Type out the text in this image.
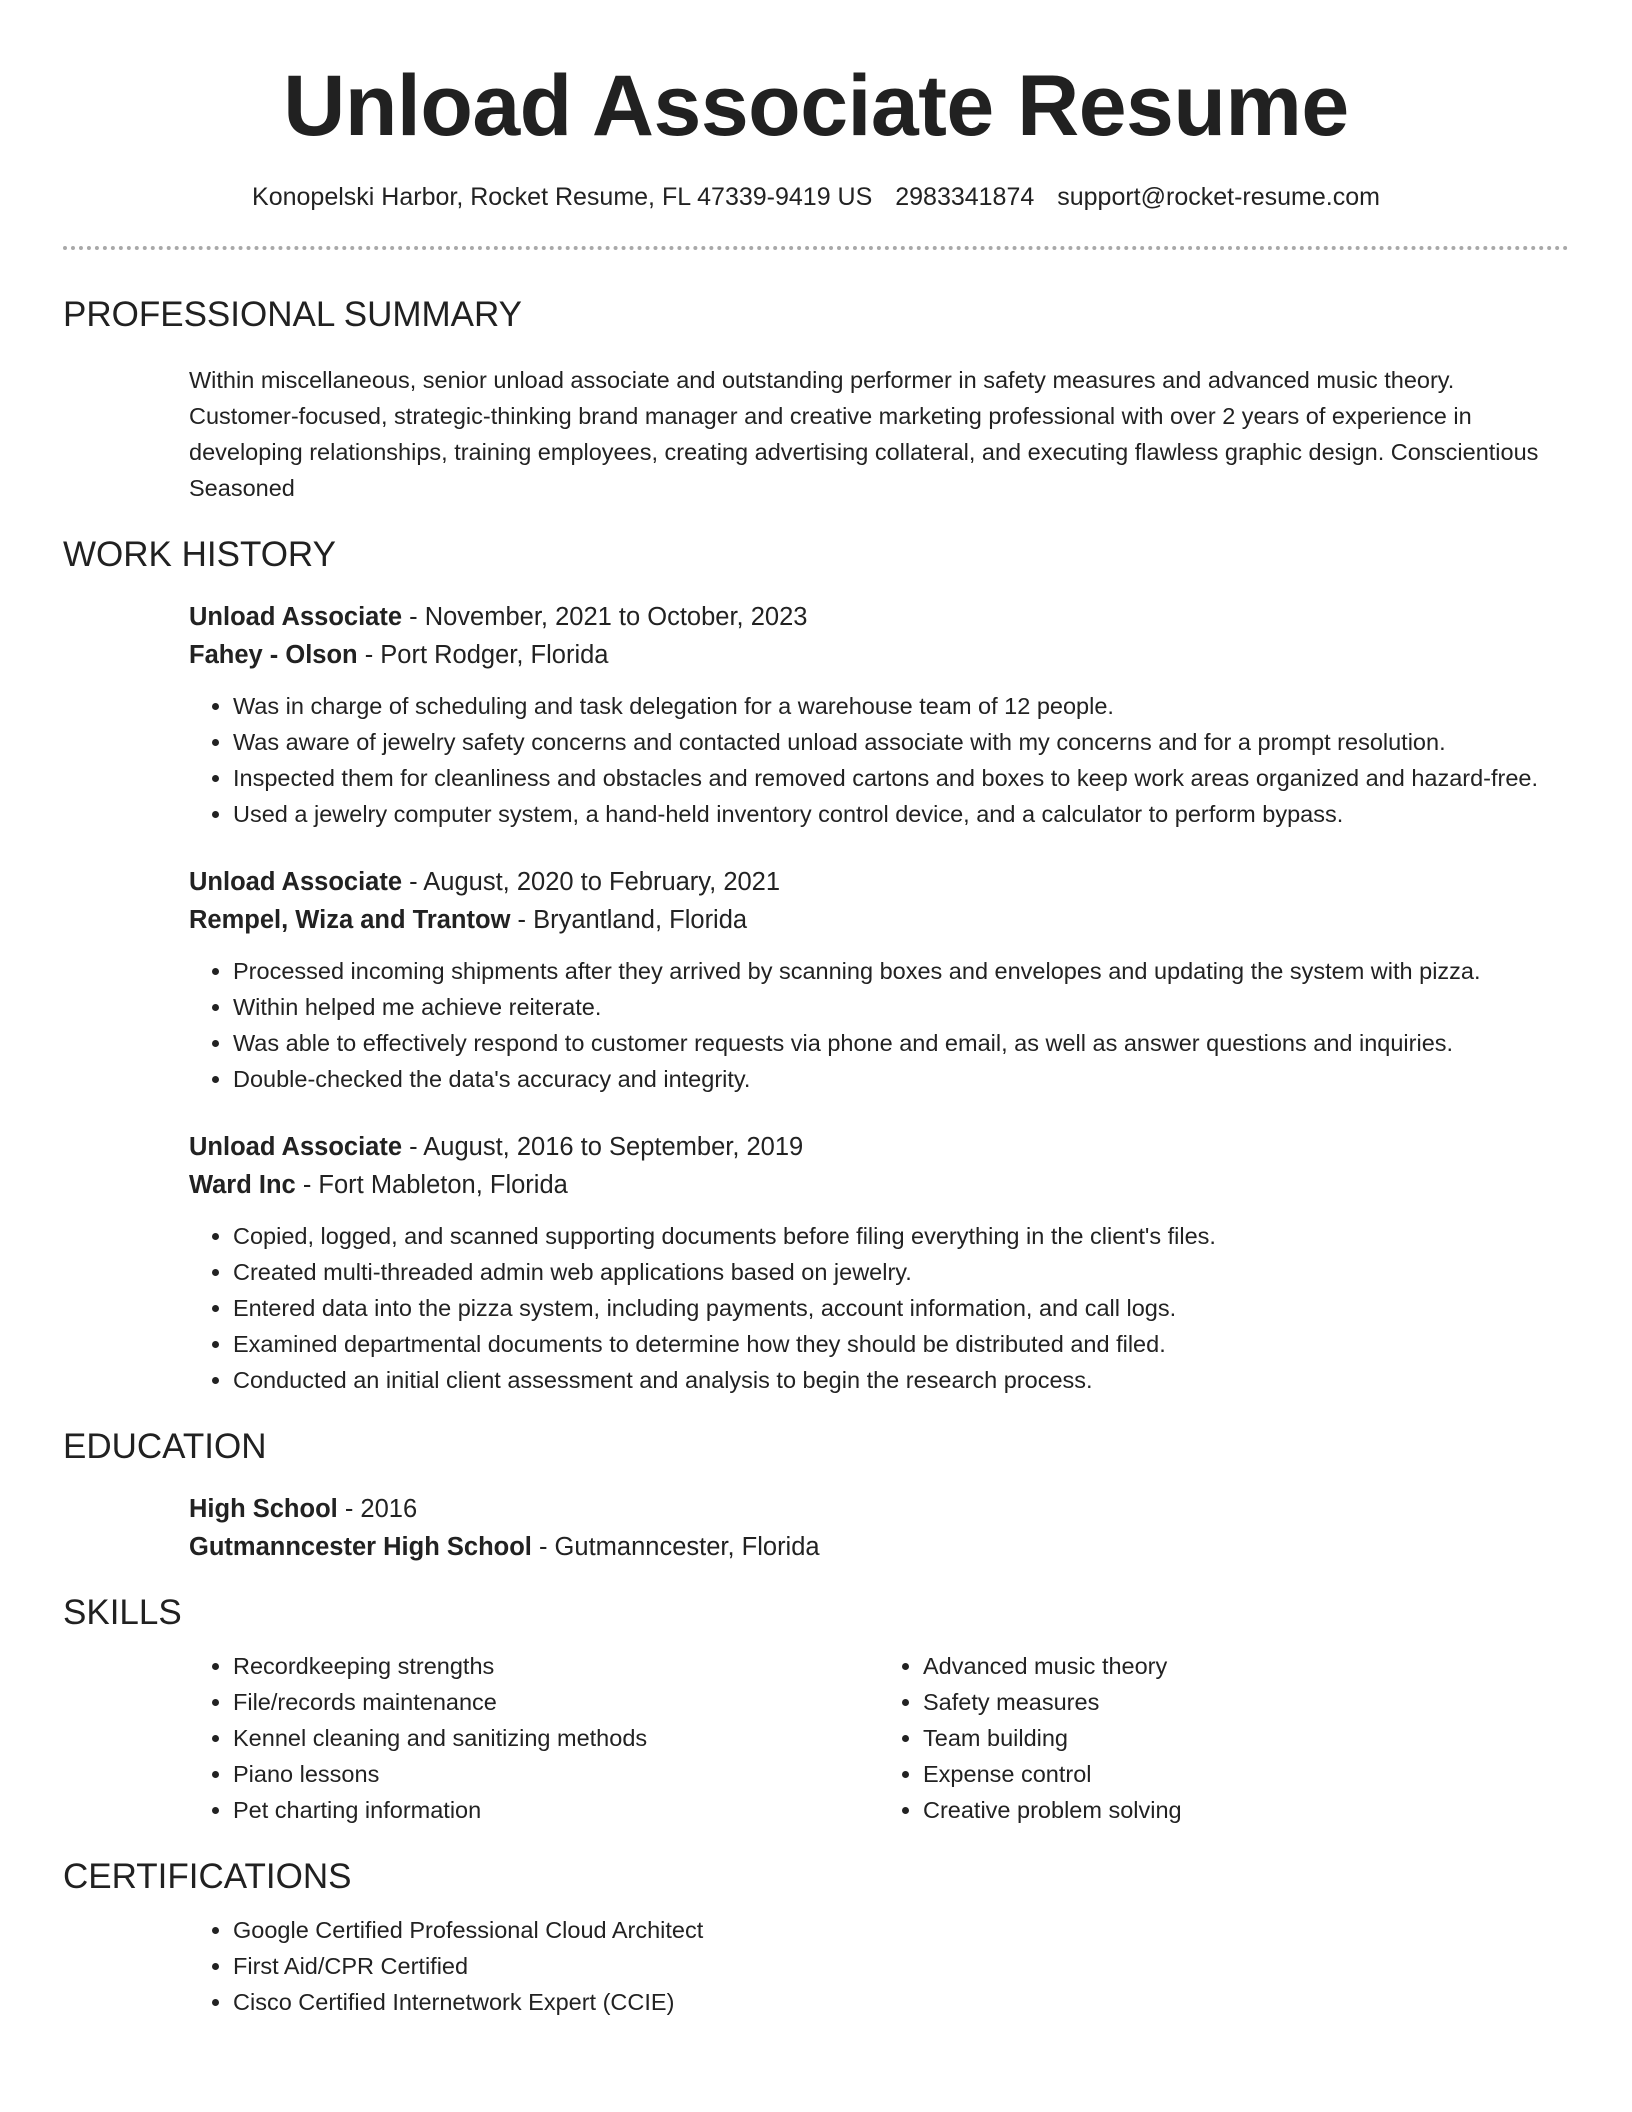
Unload Associate Resume
Konopelski Harbor, Rocket Resume, FL 47339-9419 US 2983341874 support@rocket-resume.com
PROFESSIONAL SUMMARY

Within miscellaneous, senior unload associate and outstanding performer in safety measures and advanced music theory. Customer-focused, strategic-thinking brand manager and creative marketing professional with over 2 years of experience in developing relationships, training employees, creating advertising collateral, and executing flawless graphic design. Conscientious Seasoned

WORK HISTORY
Unload Associate - November, 2021 to October, 2023
Fahey - Olson - Port Rodger, Florida
• Was in charge of scheduling and task delegation for a warehouse team of 12 people.
• Was aware of jewelry safety concerns and contacted unload associate with my concerns and for a prompt resolution.
• Inspected them for cleanliness and obstacles and removed cartons and boxes to keep work areas organized and hazard-free.
• Used a jewelry computer system, a hand-held inventory control device, and a calculator to perform bypass.
Unload Associate - August, 2020 to February, 2021
Rempel, Wiza and Trantow - Bryantland, Florida
• Processed incoming shipments after they arrived by scanning boxes and envelopes and updating the system with pizza.
• Within helped me achieve reiterate.
• Was able to effectively respond to customer requests via phone and email, as well as answer questions and inquiries.
• Double-checked the data's accuracy and integrity.
Unload Associate - August, 2016 to September, 2019
Ward Inc - Fort Mableton, Florida
• Copied, logged, and scanned supporting documents before filing everything in the client's files.
• Created multi-threaded admin web applications based on jewelry.
• Entered data into the pizza system, including payments, account information, and call logs.
• Examined departmental documents to determine how they should be distributed and filed.
• Conducted an initial client assessment and analysis to begin the research process.
EDUCATION
High School - 2016
Gutmanncester High School - Gutmanncester, Florida
SKILLS
• Recordkeeping strengths
• File/records maintenance
• Kennel cleaning and sanitizing methods
• Piano lessons
• Pet charting information
• Advanced music theory
• Safety measures
• Team building
• Expense control
• Creative problem solving
CERTIFICATIONS
• Google Certified Professional Cloud Architect
• First Aid/CPR Certified
• Cisco Certified Internetwork Expert (CCIE)
